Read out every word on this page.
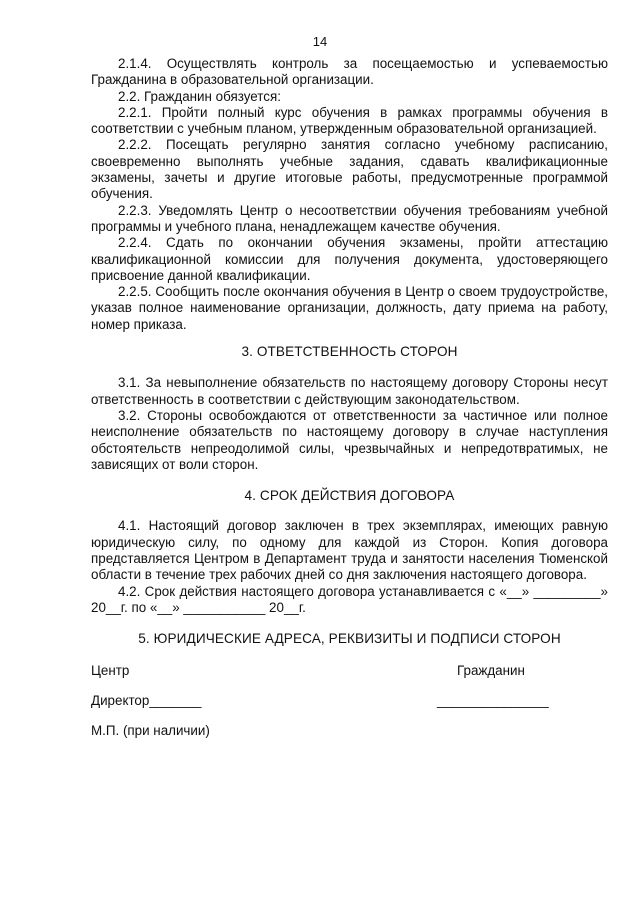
14

2.1.4. Осуществлять контроль за посещаемостью и успеваемостью Гражданина в образовательной организации.

2.2. Гражданин обязуется:

2.2.1. Пройти полный курс обучения в рамках программы обучения в соответствии с учебным планом, утвержденным образовательной организацией.

2.2.2. Посещать регулярно занятия согласно учебному расписанию, своевременно выполнять учебные задания, сдавать квалификационные экзамены, зачеты и другие итоговые работы, предусмотренные программой обучения.

2.2.3. Уведомлять Центр о несоответствии обучения требованиям учебной программы и учебного плана, ненадлежащем качестве обучения.

2.2.4. Сдать по окончании обучения экзамены, пройти аттестацию квалификационной комиссии для получения документа, удостоверяющего присвоение данной квалификации.

2.2.5. Сообщить после окончания обучения в Центр о своем трудоустройстве, указав полное наименование организации, должность, дату приема на работу, номер приказа.

3. ОТВЕТСТВЕННОСТЬ СТОРОН

3.1. За невыполнение обязательств по настоящему договору Стороны несут ответственность в соответствии с действующим законодательством.

3.2. Стороны освобождаются от ответственности за частичное или полное неисполнение обязательств по настоящему договору в случае наступления обстоятельств непреодолимой силы, чрезвычайных и непредотвратимых, не зависящих от воли сторон.

4. СРОК ДЕЙСТВИЯ ДОГОВОРА

4.1. Настоящий договор заключен в трех экземплярах, имеющих равную юридическую силу, по одному для каждой из Сторон. Копия договора представляется Центром в Департамент труда и занятости населения Тюменской области в течение трех рабочих дней со дня заключения настоящего договора.

4.2. Срок действия настоящего договора устанавливается с «__» _________» 20__г. по «__» ___________ 20__г.

5. ЮРИДИЧЕСКИЕ АДРЕСА, РЕКВИЗИТЫ И ПОДПИСИ СТОРОН

Центр	Гражданин
Директор_______	_______________
М.П. (при наличии)
